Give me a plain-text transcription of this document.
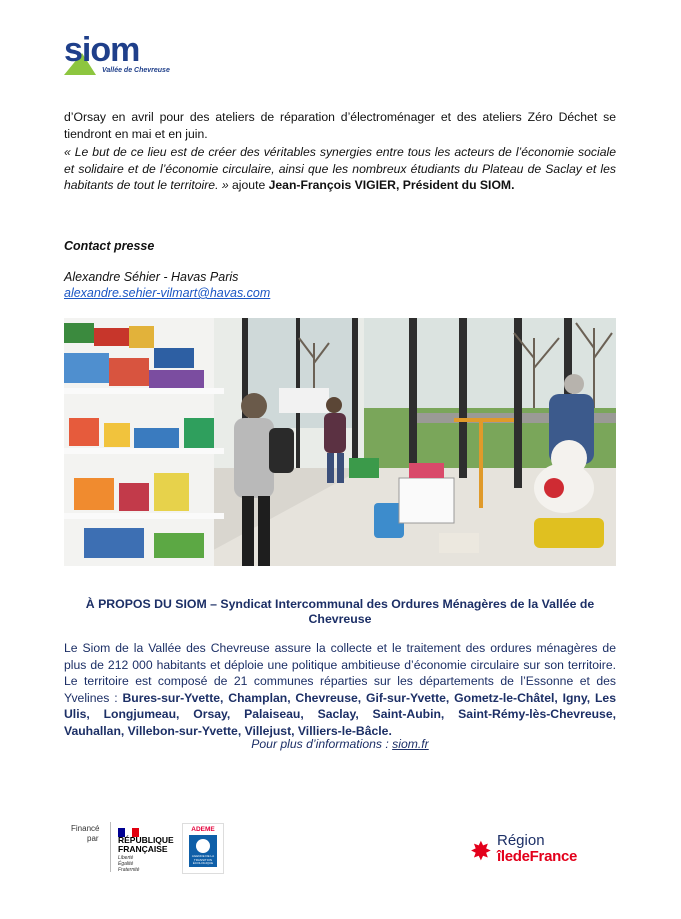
siom
Vallée de Chevreuse
d’Orsay en avril pour des ateliers de réparation d’électroménager et des ateliers Zéro Déchet se tiendront en mai et en juin.
« Le but de ce lieu est de créer des véritables synergies entre tous les acteurs de l’économie sociale et solidaire et de l’économie circulaire, ainsi que les nombreux étudiants du Plateau de Saclay et les habitants de tout le territoire. » ajoute Jean-François VIGIER, Président du SIOM.
Contact presse
Alexandre Séhier - Havas Paris
alexandre.sehier-vilmart@havas.com
À PROPOS DU SIOM – Syndicat Intercommunal des Ordures Ménagères de la Vallée de Chevreuse
Le Siom de la Vallée des Chevreuse assure la collecte et le traitement des ordures ménagères de plus de 212 000 habitants et déploie une politique ambitieuse d’économie circulaire sur son territoire. Le territoire est composé de 21 communes réparties sur les départements de l’Essonne et des Yvelines : Bures-sur-Yvette, Champlan, Chevreuse, Gif-sur-Yvette, Gometz-le-Châtel, Igny, Les Ulis, Longjumeau, Orsay, Palaiseau, Saclay, Saint-Aubin, Saint-Rémy-lès-Chevreuse, Vauhallan, Villebon-sur-Yvette, Villejust, Villiers-le-Bâcle.
Pour plus d’informations : siom.fr
Financé
par RÉPUBLIQUE
FRANÇAISE
Liberté
Égalité
Fraternité
ADEME
AGENCE DE LA TRANSITION ÉCOLOGIQUE	✸ Région
îledeFrance
